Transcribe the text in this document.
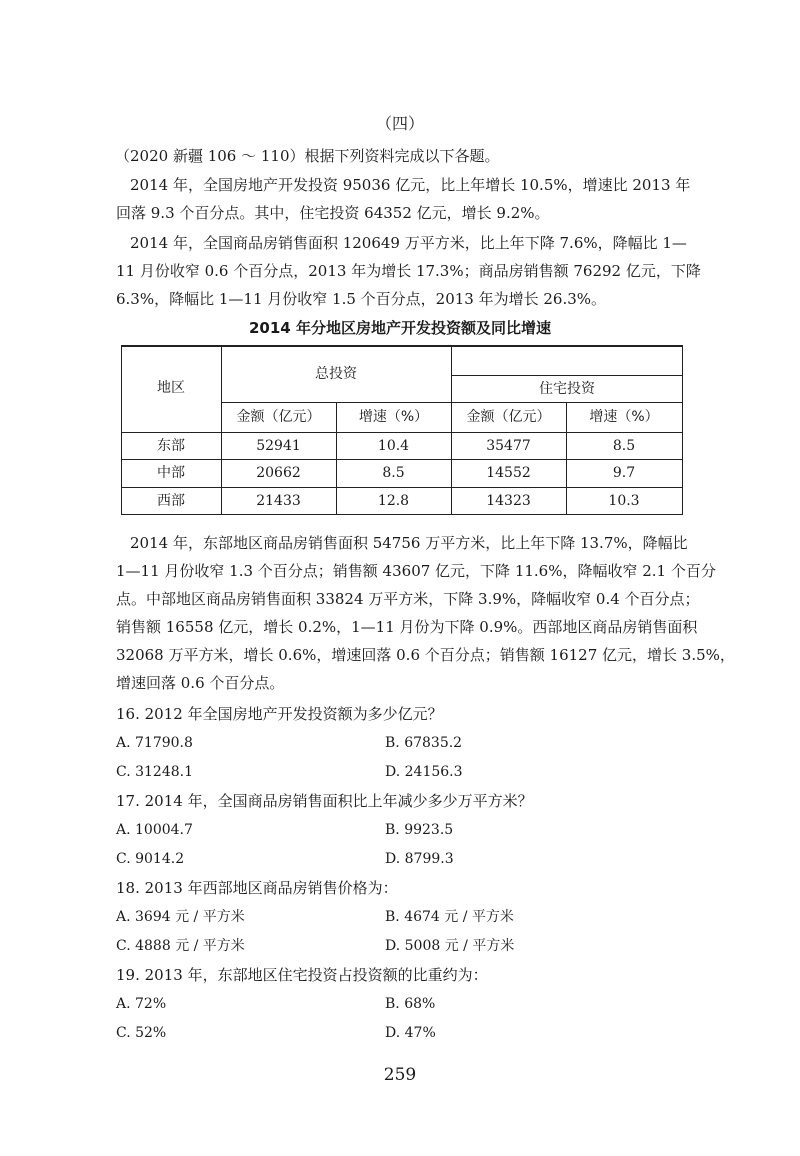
（四）
（2020 新疆 106 ～ 110）根据下列资料完成以下各题。
2014 年，全国房地产开发投资 95036 亿元，比上年增长 10.5%，增速比 2013 年
回落 9.3 个百分点。其中，住宅投资 64352 亿元，增长 9.2%。
2014 年，全国商品房销售面积 120649 万平方米，比上年下降 7.6%，降幅比 1—
11 月份收窄 0.6 个百分点，2013 年为增长 17.3%；商品房销售额 76292 亿元，下降
6.3%，降幅比 1—11 月份收窄 1.5 个百分点，2013 年为增长 26.3%。
2014 年分地区房地产开发投资额及同比增速
地区
总投资
住宅投资
金额（亿元）	增速（%）	金额（亿元）	增速（%）
东部	52941	10.4	35477	8.5
中部	20662	8.5	14552	9.7
西部	21433	12.8	14323	10.3
2014 年，东部地区商品房销售面积 54756 万平方米，比上年下降 13.7%，降幅比
1—11 月份收窄 1.3 个百分点；销售额 43607 亿元，下降 11.6%，降幅收窄 2.1 个百分
点。中部地区商品房销售面积 33824 万平方米，下降 3.9%，降幅收窄 0.4 个百分点；
销售额 16558 亿元，增长 0.2%，1—11 月份为下降 0.9%。西部地区商品房销售面积
32068 万平方米，增长 0.6%，增速回落 0.6 个百分点；销售额 16127 亿元，增长 3.5%，
增速回落 0.6 个百分点。
16. 2012 年全国房地产开发投资额为多少亿元？
A. 71790.8	B. 67835.2
C. 31248.1	D. 24156.3
17. 2014 年，全国商品房销售面积比上年减少多少万平方米？
A. 10004.7	B. 9923.5
C. 9014.2	D. 8799.3
18. 2013 年西部地区商品房销售价格为：
A. 3694 元 / 平方米	B. 4674 元 / 平方米
C. 4888 元 / 平方米	D. 5008 元 / 平方米
19. 2013 年，东部地区住宅投资占投资额的比重约为：
A. 72%	B. 68%
C. 52%	D. 47%
259
